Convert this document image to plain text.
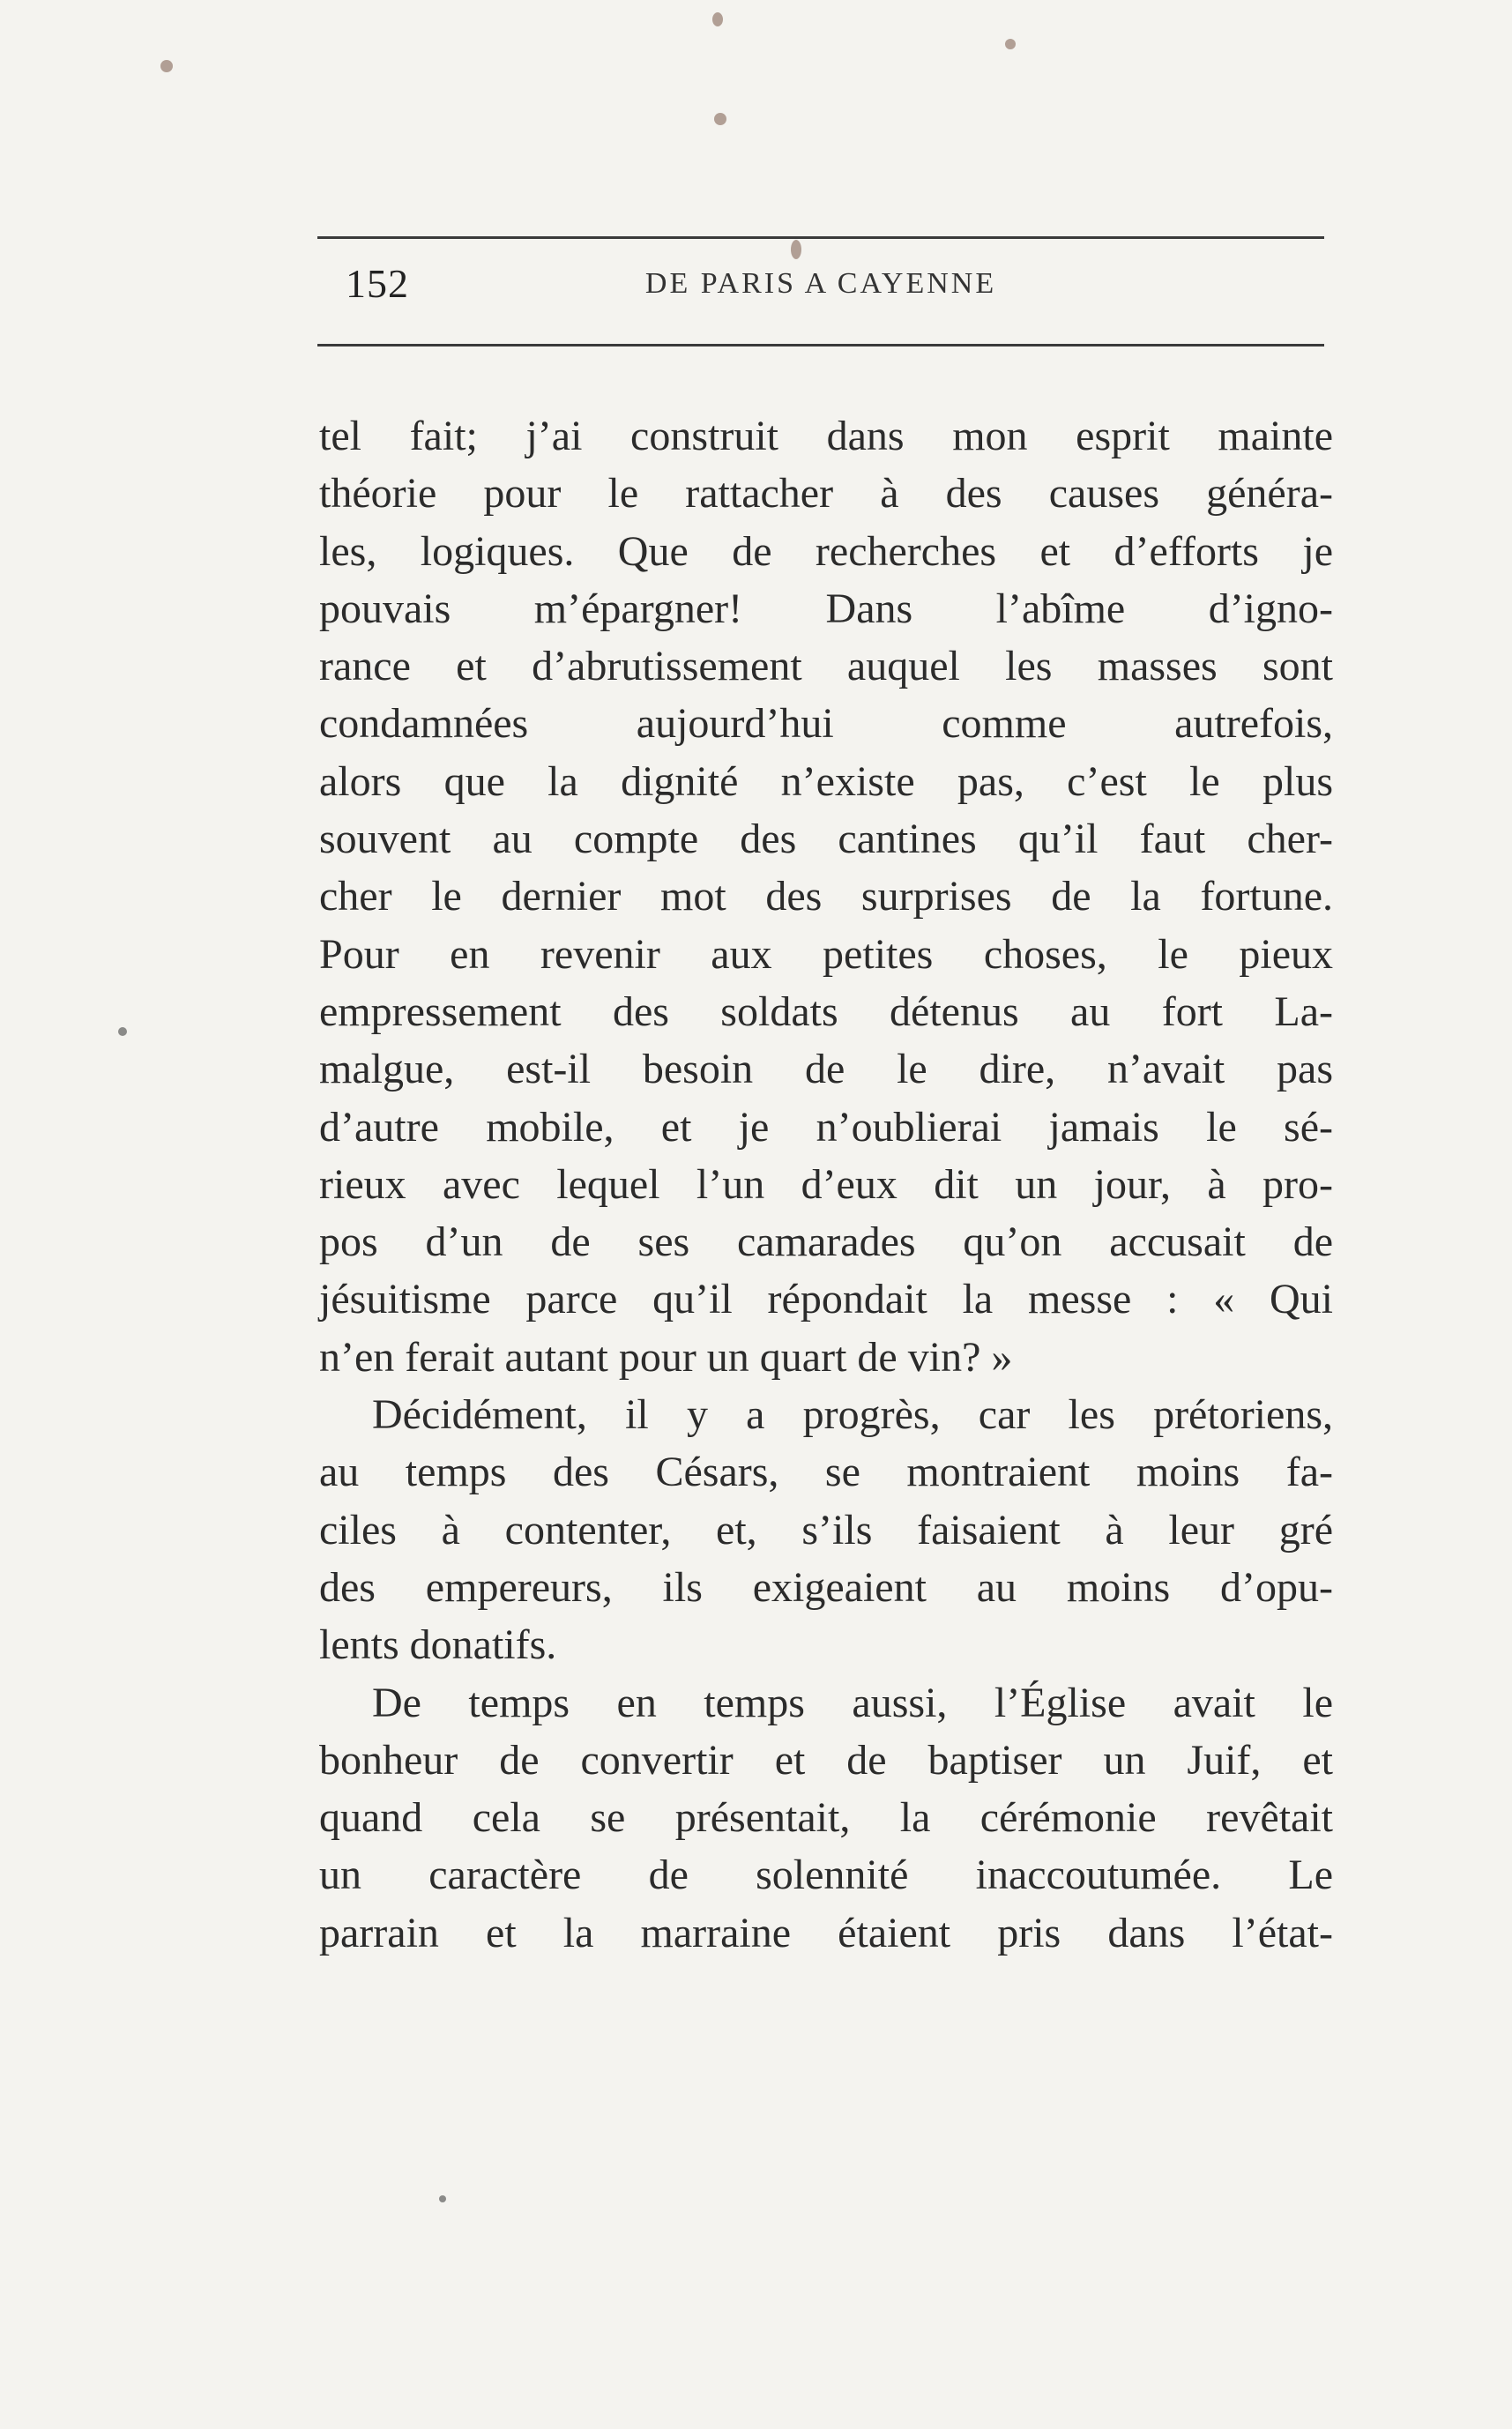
152	DE PARIS A CAYENNE
tel fait; j’ai construit dans mon esprit mainte
théorie pour le rattacher à des causes généra-
les, logiques. Que de recherches et d’efforts je
pouvais m’épargner! Dans l’abîme d’igno-
rance et d’abrutissement auquel les masses sont
condamnées aujourd’hui comme autrefois,
alors que la dignité n’existe pas, c’est le plus
souvent au compte des cantines qu’il faut cher-
cher le dernier mot des surprises de la fortune.
Pour en revenir aux petites choses, le pieux
empressement des soldats détenus au fort La-
malgue, est-il besoin de le dire, n’avait pas
d’autre mobile, et je n’oublierai jamais le sé-
rieux avec lequel l’un d’eux dit un jour, à pro-
pos d’un de ses camarades qu’on accusait de
jésuitisme parce qu’il répondait la messe : « Qui
n’en ferait autant pour un quart de vin? »
Décidément, il y a progrès, car les prétoriens,
au temps des Césars, se montraient moins fa-
ciles à contenter, et, s’ils faisaient à leur gré
des empereurs, ils exigeaient au moins d’opu-
lents donatifs.
De temps en temps aussi, l’Église avait le
bonheur de convertir et de baptiser un Juif, et
quand cela se présentait, la cérémonie revêtait
un caractère de solennité inaccoutumée. Le
parrain et la marraine étaient pris dans l’état-
